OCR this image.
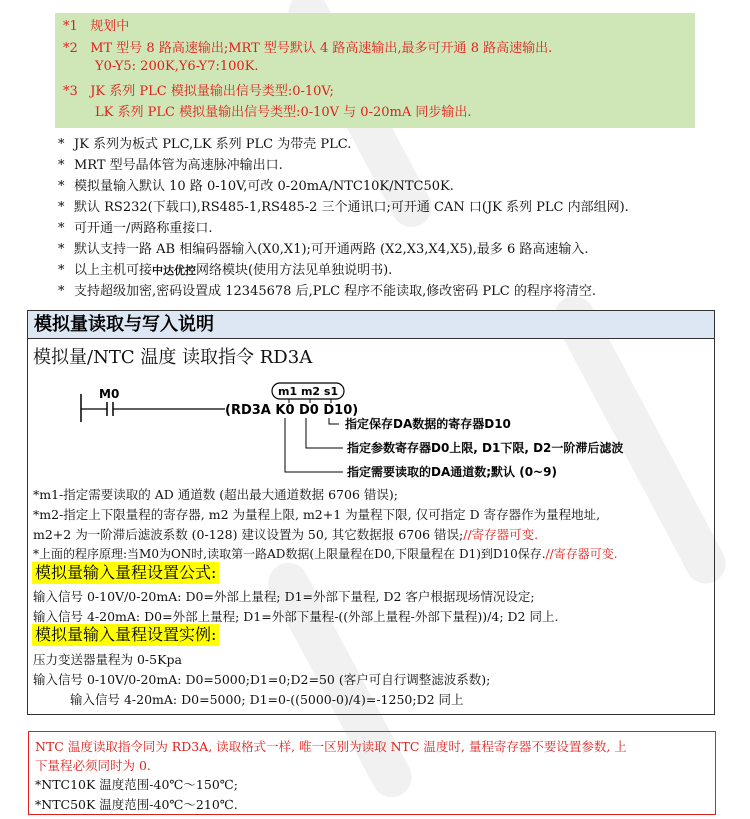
*1 规划中
*2 MT 型号 8 路高速输出;MRT 型号默认 4 路高速输出,最多可开通 8 路高速输出.
Y0-Y5: 200K,Y6-Y7:100K.
*3 JK 系列 PLC 模拟量输出信号类型:0-10V;
LK 系列 PLC 模拟量输出信号类型:0-10V 与 0-20mA 同步输出.
* JK 系列为板式 PLC,LK 系列 PLC 为带壳 PLC.
* MRT 型号晶体管为高速脉冲输出口.
* 模拟量输入默认 10 路 0-10V,可改 0-20mA/NTC10K/NTC50K.
* 默认 RS232(下载口),RS485-1,RS485-2 三个通讯口;可开通 CAN 口(JK 系列 PLC 内部组网).
* 可开通一/两路称重接口.
* 默认支持一路 AB 相编码器输入(X0,X1);可开通两路 (X2,X3,X4,X5),最多 6 路高速输入.
* 以上主机可接中达优控网络模块(使用方法见单独说明书).
* 支持超级加密,密码设置成 12345678 后,PLC 程序不能读取,修改密码 PLC 的程序将清空.
模拟量读取与写入说明
模拟量/NTC 温度 读取指令 RD3A
M0	m1 m2 s1
(RD3A K0 D0 D10)
指定保存DA数据的寄存器D10
指定参数寄存器D0上限, D1下限, D2一阶滞后滤波
指定需要读取的DA通道数;默认 (0~9)
*m1-指定需要读取的 AD 通道数 (超出最大通道数据 6706 错误);
*m2-指定上下限量程的寄存器, m2 为量程上限, m2+1 为量程下限, 仅可指定 D 寄存器作为量程地址,
m2+2 为一阶滞后滤波系数 (0-128) 建议设置为 50, 其它数据报 6706 错误;//寄存器可变.
*上面的程序原理:当M0为ON时,读取第一路AD数据(上限量程在D0,下限量程在 D1)到D10保存.//寄存器可变.
模拟量输入量程设置公式:
输入信号 0-10V/0-20mA: D0=外部上量程; D1=外部下量程, D2 客户根据现场情况设定;
输入信号 4-20mA: D0=外部上量程; D1=外部下量程-((外部上量程-外部下量程))/4; D2 同上.
模拟量输入量程设置实例:
压力变送器量程为 0-5Kpa
输入信号 0-10V/0-20mA: D0=5000;D1=0;D2=50 (客户可自行调整滤波系数);
输入信号 4-20mA: D0=5000; D1=0-((5000-0)/4)=-1250;D2 同上
NTC 温度读取指令同为 RD3A, 读取格式一样, 唯一区别为读取 NTC 温度时, 量程寄存器不要设置参数, 上
下量程必须同时为 0.
*NTC10K 温度范围-40℃～150℃;
*NTC50K 温度范围-40℃～210℃.
